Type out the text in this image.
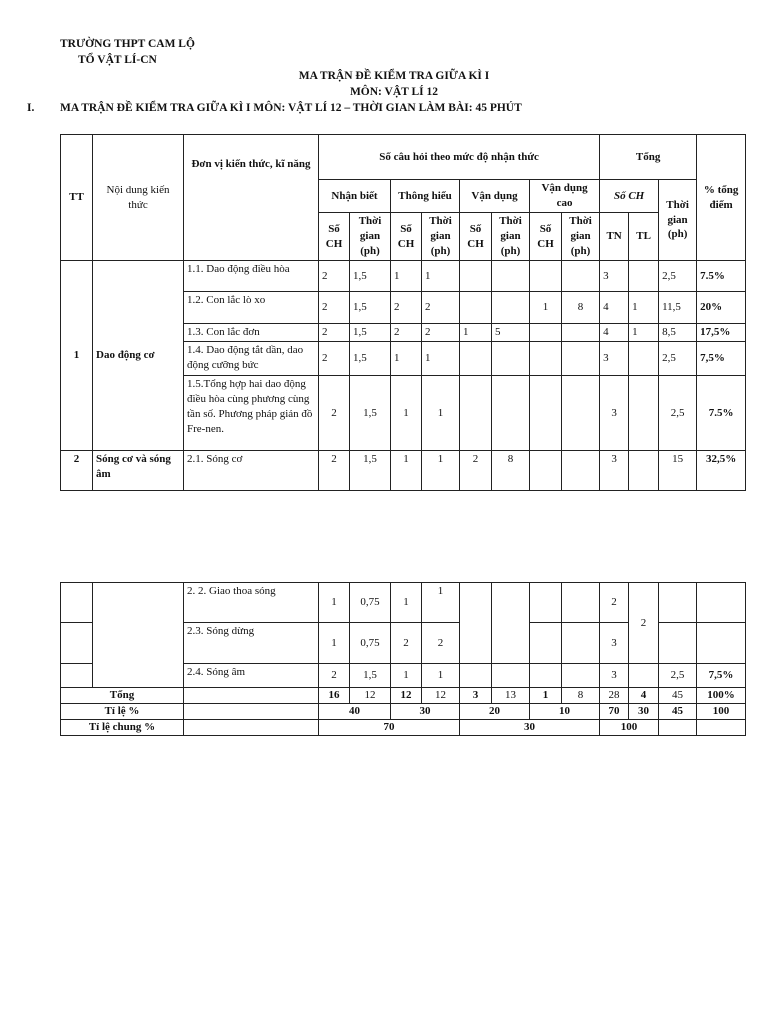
TRƯỜNG THPT CAM LỘ
TỔ VẬT LÍ-CN
MA TRẬN ĐỀ KIỂM TRA GIỮA KÌ I
MÔN: VẬT LÍ 12
I. MA TRẬN ĐỀ KIỂM TRA GIỮA KÌ I MÔN: VẬT LÍ 12 – THỜI GIAN LÀM BÀI: 45 PHÚT
TT	Nội dung kiến thức	Đơn vị kiến thức, kĩ năng	Số câu hỏi theo mức độ nhận thức								Tổng			% tổng điểm
			Nhận biết		Thông hiểu		Vận dụng		Vận dụng cao		Số CH		Thời gian (ph)	
			Số CH	Thời gian (ph)	Số CH	Thời gian (ph)	Số CH	Thời gian (ph)	Số CH	Thời gian (ph)	TN	TL		
1	Dao động cơ	1.1. Dao động điều hòa	2	1,5	1	1					3		2,5	7.5%
		1.2. Con lắc lò xo	2	1,5	2	2			1	8	4	1	11,5	20%
		1.3. Con lắc đơn	2	1,5	2	2	1	5			4	1	8,5	17,5%
		1.4. Dao động tắt dần, dao động cưỡng bức	2	1,5	1	1					3		2,5	7,5%
		1.5.Tổng hợp hai dao động điều hòa cùng phương cùng tần số. Phương pháp giản đồ Fre-nen.	2	1,5	1	1					3		2,5	7.5%
2	Sóng cơ và sóng âm	2.1. Sóng cơ	2	1,5	1	1	2	8			3		15	32,5%
		2. 2. Giao thoa sóng	1	0,75	1	1					2	2		
		2.3. Sóng dừng	1	0,75	2	2					3			
		2.4. Sóng âm	2	1,5	1	1					3		2,5	7,5%
Tổng			16	12	12	12	3	13	1	8	28	4	45	100%
Tỉ lệ %			40		30		20		10		70	30	45	100
Tỉ lệ chung %			70				30				100			
